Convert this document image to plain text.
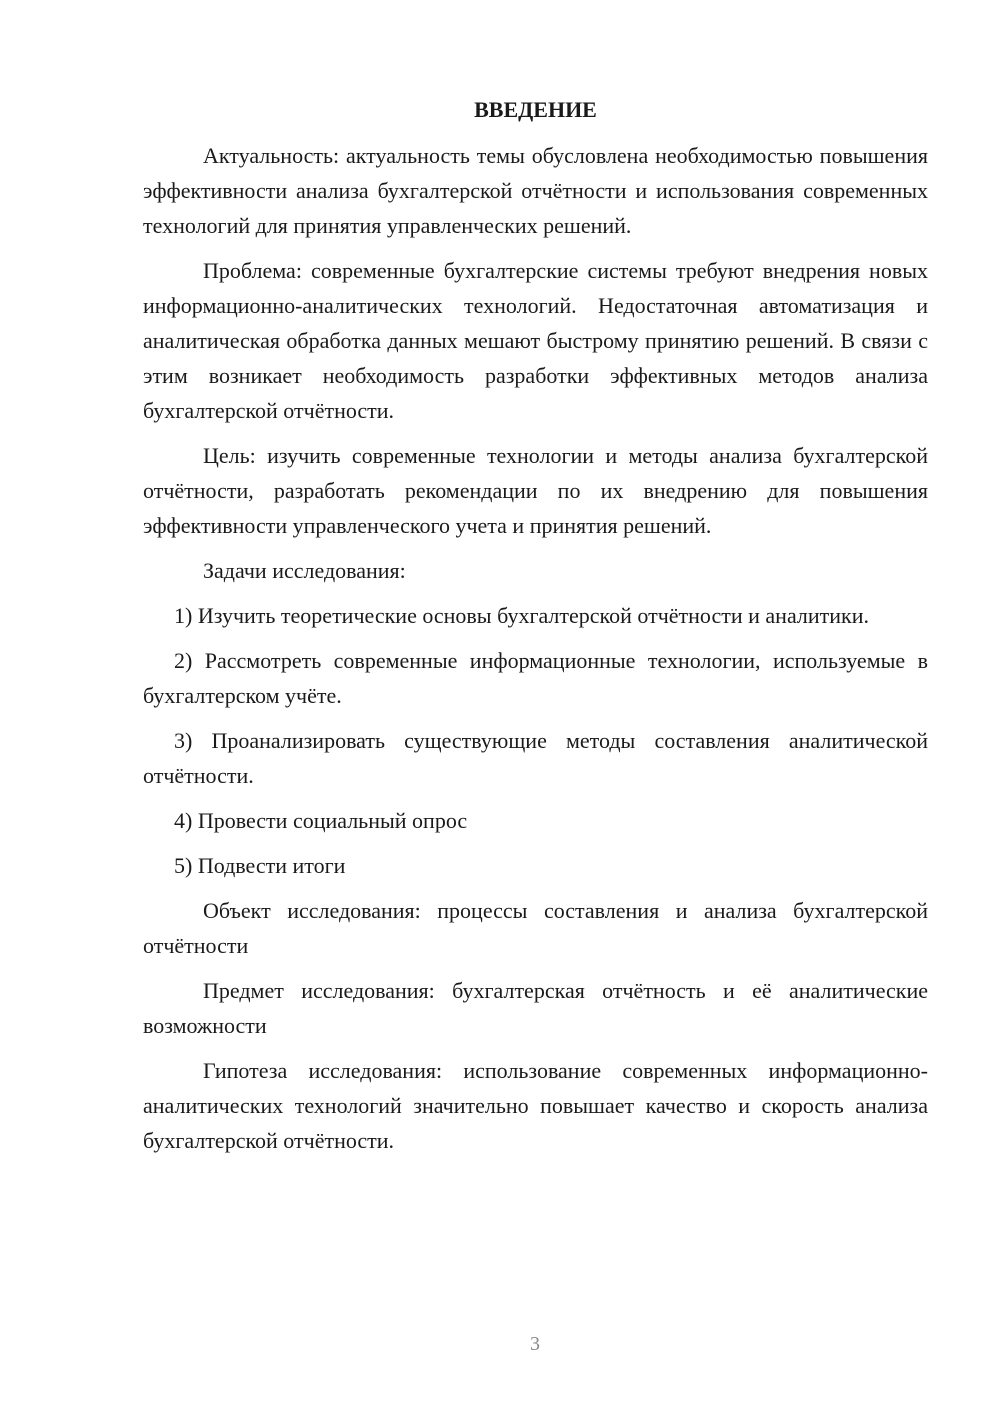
ВВЕДЕНИЕ

Актуальность: актуальность темы обусловлена необходимостью повышения эффективности анализа бухгалтерской отчётности и использования современных технологий для принятия управленческих решений.

Проблема: современные бухгалтерские системы требуют внедрения новых информационно-аналитических технологий. Недостаточная автоматизация и аналитическая обработка данных мешают быстрому принятию решений. В связи с этим возникает необходимость разработки эффективных методов анализа бухгалтерской отчётности.

Цель: изучить современные технологии и методы анализа бухгалтерской отчётности, разработать рекомендации по их внедрению для повышения эффективности управленческого учета и принятия решений.

Задачи исследования:

1) Изучить теоретические основы бухгалтерской отчётности и аналитики.

2) Рассмотреть современные информационные технологии, используемые в бухгалтерском учёте.

3) Проанализировать существующие методы составления аналитической отчётности.

4) Провести социальный опрос

5) Подвести итоги

Объект исследования: процессы составления и анализа бухгалтерской отчётности

Предмет исследования: бухгалтерская отчётность и её аналитические возможности

Гипотеза исследования: использование современных информационно-аналитических технологий значительно повышает качество и скорость анализа бухгалтерской отчётности.

3
